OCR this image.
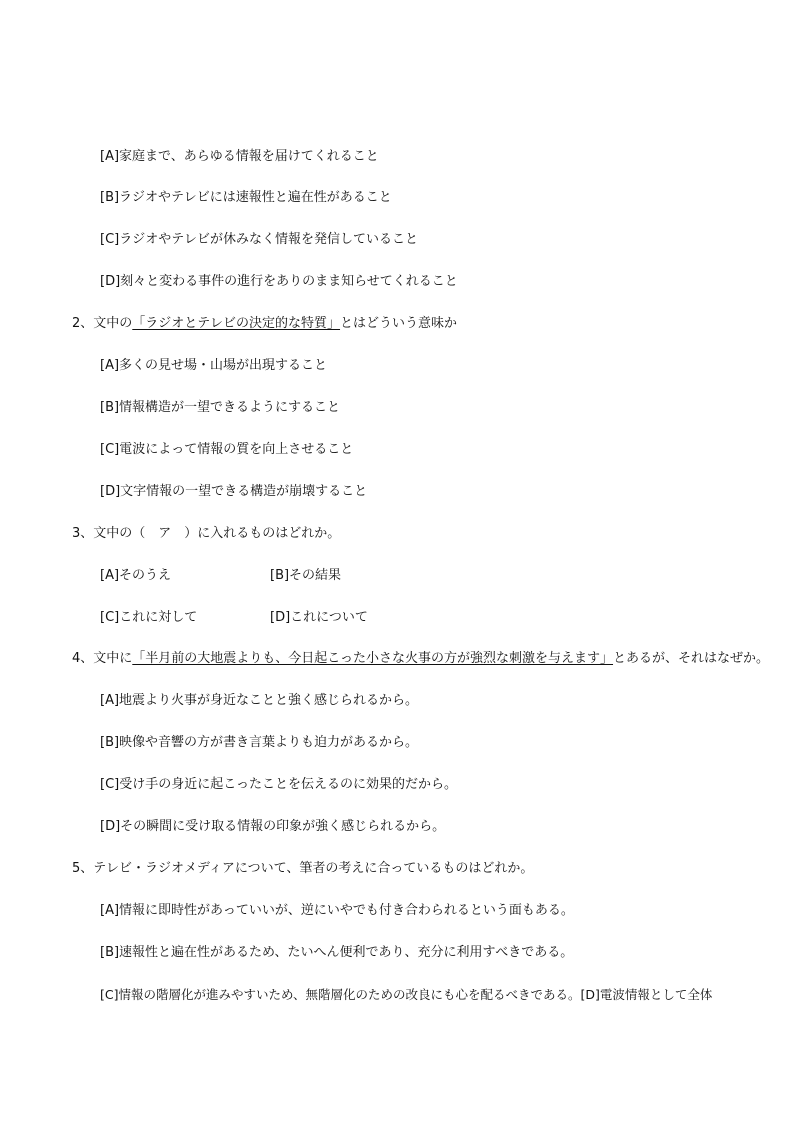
[A]家庭まで、あらゆる情報を届けてくれること
[B]ラジオやテレビには速報性と遍在性があること
[C]ラジオやテレビが休みなく情報を発信していること
[D]刻々と変わる事件の進行をありのまま知らせてくれること
2、文中の「ラジオとテレビの決定的な特質」とはどういう意味か
[A]多くの見せ場・山場が出現すること
[B]情報構造が一望できるようにすること
[C]電波によって情報の質を向上させること
[D]文字情報の一望できる構造が崩壊すること
3、文中の（　ア　）に入れるものはどれか。
[A]そのうえ	[B]その結果
[C]これに対して	[D]これについて
4、文中に「半月前の大地震よりも、今日起こった小さな火事の方が強烈な刺激を与えます」とあるが、それはなぜか。
[A]地震より火事が身近なことと強く感じられるから。
[B]映像や音響の方が書き言葉よりも迫力があるから。
[C]受け手の身近に起こったことを伝えるのに効果的だから。
[D]その瞬間に受け取る情報の印象が強く感じられるから。
5、テレビ・ラジオメディアについて、筆者の考えに合っているものはどれか。
[A]情報に即時性があっていいが、逆にいやでも付き合わられるという面もある。
[B]速報性と遍在性があるため、たいへん便利であり、充分に利用すべきである。
[C]情報の階層化が進みやすいため、無階層化のための改良にも心を配るべきである。[D]電波情報として全体
